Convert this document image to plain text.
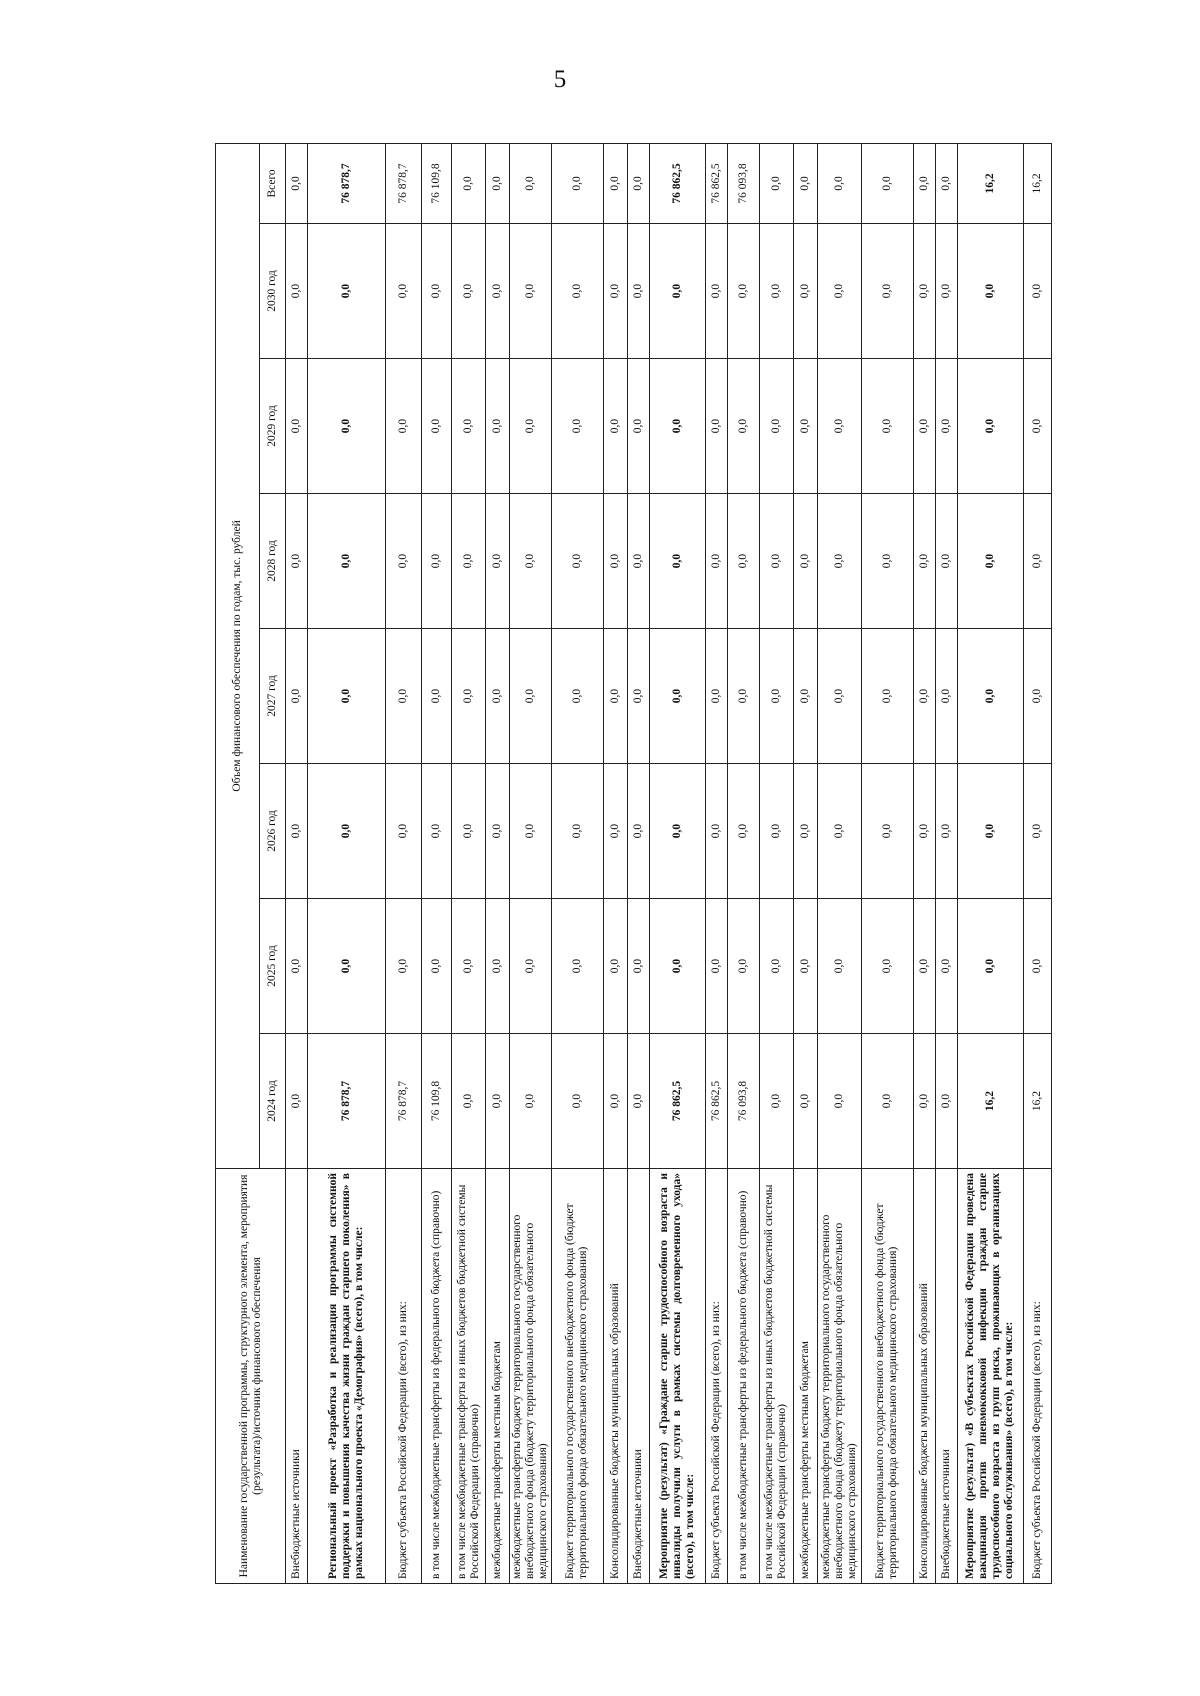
5
Наименование государственной программы, структурного элемента, мероприятия (результата)/источник финансового обеспечения	Объем финансового обеспечения по годам, тыс. рублей							
	2024 год	2025 год	2026 год	2027 год	2028 год	2029 год	2030 год	Всего
Внебюджетные источники	0,0	0,0	0,0	0,0	0,0	0,0	0,0	0,0
Региональный проект «Разработка и реализация программы системной поддержки и повышения качества жизни граждан старшего поколения» в рамках национального проекта «Демография» (всего), в том числе:	76 878,7	0,0	0,0	0,0	0,0	0,0	0,0	76 878,7
Бюджет субъекта Российской Федерации (всего), из них:	76 878,7	0,0	0,0	0,0	0,0	0,0	0,0	76 878,7
в том числе межбюджетные трансферты из федерального бюджета (справочно)	76 109,8	0,0	0,0	0,0	0,0	0,0	0,0	76 109,8
в том числе межбюджетные трансферты из иных бюджетов бюджетной системы Российской Федерации (справочно)	0,0	0,0	0,0	0,0	0,0	0,0	0,0	0,0
межбюджетные трансферты местным бюджетам	0,0	0,0	0,0	0,0	0,0	0,0	0,0	0,0
межбюджетные трансферты бюджету территориального государственного внебюджетного фонда (бюджету территориального фонда обязательного медицинского страхования)	0,0	0,0	0,0	0,0	0,0	0,0	0,0	0,0
Бюджет территориального государственного внебюджетного фонда (бюджет территориального фонда обязательного медицинского страхования)	0,0	0,0	0,0	0,0	0,0	0,0	0,0	0,0
Консолидированные бюджеты муниципальных образований	0,0	0,0	0,0	0,0	0,0	0,0	0,0	0,0
Внебюджетные источники	0,0	0,0	0,0	0,0	0,0	0,0	0,0	0,0
Мероприятие (результат) «Граждане старше трудоспособного возраста и инвалиды получили услуги в рамках системы долговременного ухода» (всего), в том числе:	76 862,5	0,0	0,0	0,0	0,0	0,0	0,0	76 862,5
Бюджет субъекта Российской Федерации (всего), из них:	76 862,5	0,0	0,0	0,0	0,0	0,0	0,0	76 862,5
в том числе межбюджетные трансферты из федерального бюджета (справочно)	76 093,8	0,0	0,0	0,0	0,0	0,0	0,0	76 093,8
в том числе межбюджетные трансферты из иных бюджетов бюджетной системы Российской Федерации (справочно)	0,0	0,0	0,0	0,0	0,0	0,0	0,0	0,0
межбюджетные трансферты местным бюджетам	0,0	0,0	0,0	0,0	0,0	0,0	0,0	0,0
межбюджетные трансферты бюджету территориального государственного внебюджетного фонда (бюджету территориального фонда обязательного медицинского страхования)	0,0	0,0	0,0	0,0	0,0	0,0	0,0	0,0
Бюджет территориального государственного внебюджетного фонда (бюджет территориального фонда обязательного медицинского страхования)	0,0	0,0	0,0	0,0	0,0	0,0	0,0	0,0
Консолидированные бюджеты муниципальных образований	0,0	0,0	0,0	0,0	0,0	0,0	0,0	0,0
Внебюджетные источники	0,0	0,0	0,0	0,0	0,0	0,0	0,0	0,0
Мероприятие (результат) «В субъектах Российской Федерации проведена вакцинация против пневмококковой инфекции граждан старше трудоспособного возраста из групп риска, проживающих в организациях социального обслуживания» (всего), в том числе:	16,2	0,0	0,0	0,0	0,0	0,0	0,0	16,2
Бюджет субъекта Российской Федерации (всего), из них:	16,2	0,0	0,0	0,0	0,0	0,0	0,0	16,2
